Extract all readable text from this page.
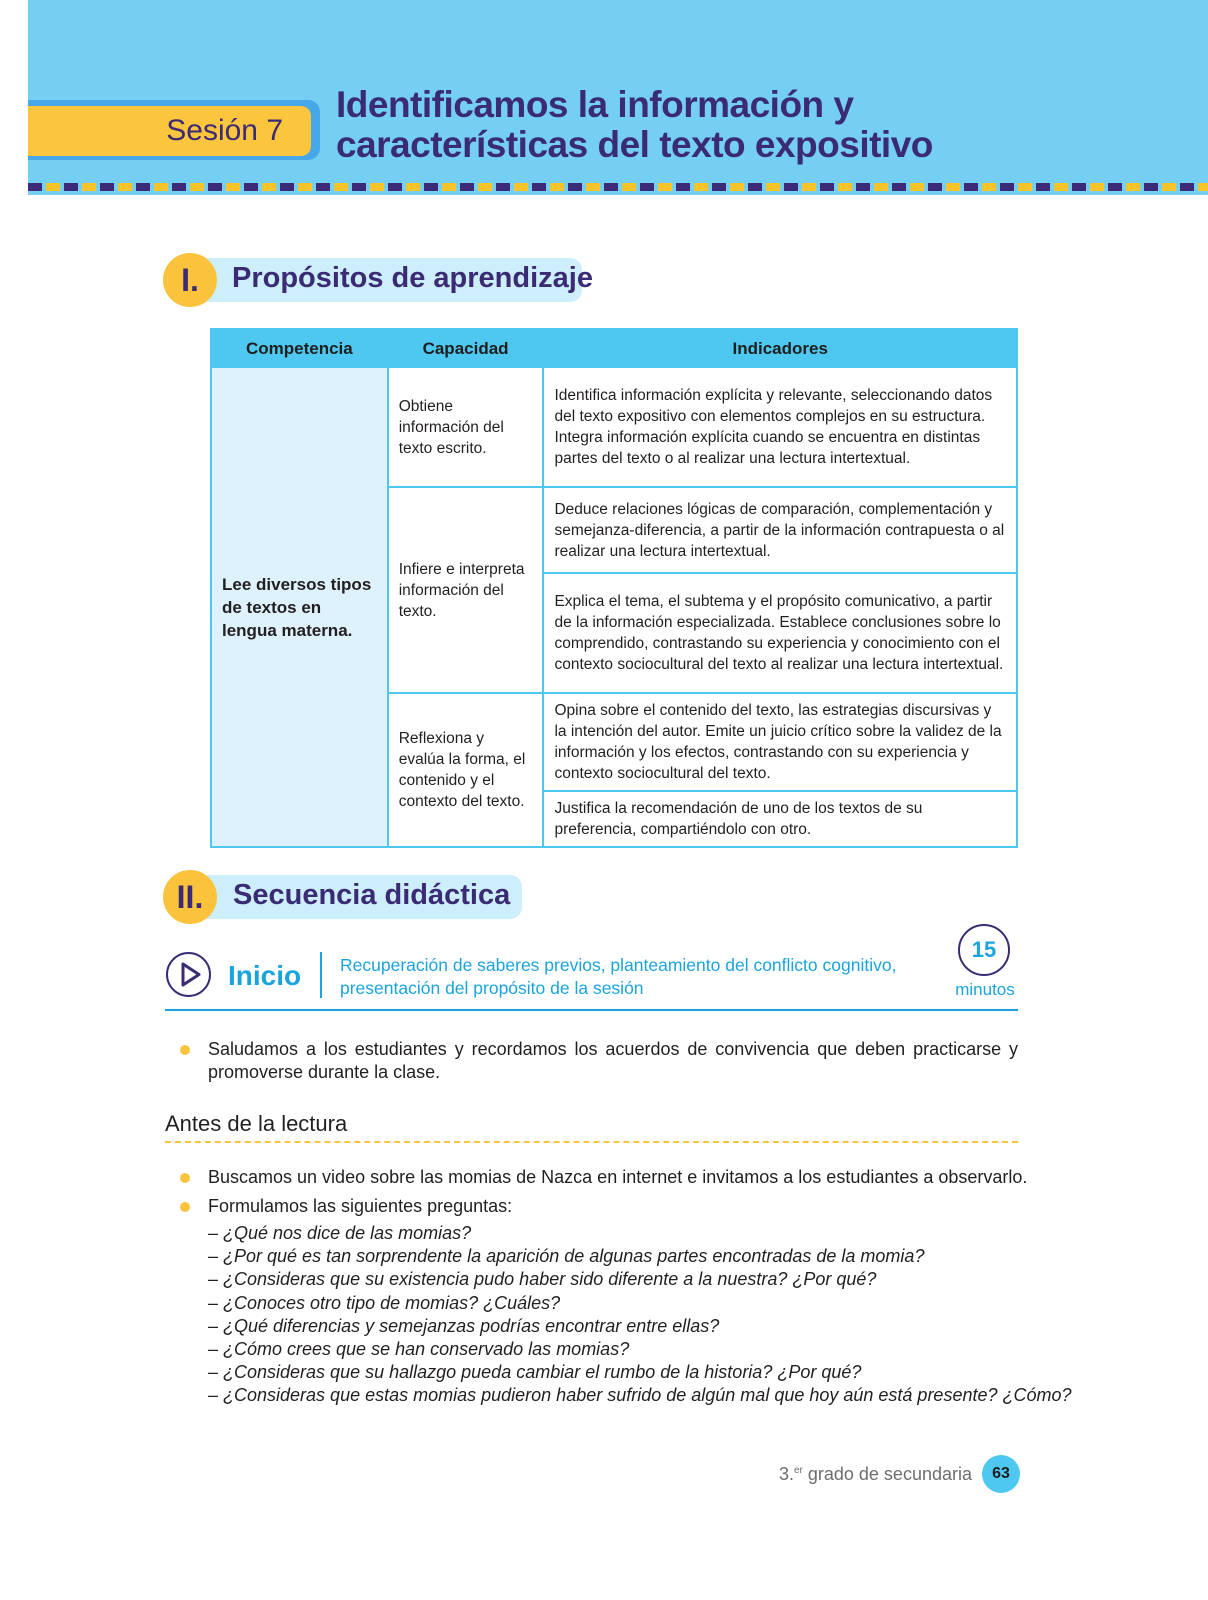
Sesión 7
Identificamos la información y
características del texto expositivo
I.	Propósitos de aprendizaje
Competencia	Capacidad	Indicadores
Lee diversos tipos de textos en lengua materna.	Obtiene información del texto escrito.	Identifica información explícita y relevante, seleccionando datos del texto expositivo con elementos complejos en su estructura. Integra información explícita cuando se encuentra en distintas partes del texto o al realizar una lectura intertextual.
	Infiere e interpreta información del texto.	Deduce relaciones lógicas de comparación, complementación y semejanza-diferencia, a partir de la información contrapuesta o al realizar una lectura intertextual.
		Explica el tema, el subtema y el propósito comunicativo, a partir de la información especializada. Establece conclusiones sobre lo comprendido, contrastando su experiencia y conocimiento con el contexto sociocultural del texto al realizar una lectura intertextual.
	Reflexiona y evalúa la forma, el contenido y el contexto del texto.	Opina sobre el contenido del texto, las estrategias discursivas y la intención del autor. Emite un juicio crítico sobre la validez de la información y los efectos, contrastando con su experiencia y contexto sociocultural del texto.
		Justifica la recomendación de uno de los textos de su preferencia, compartiéndolo con otro.
II.	Secuencia didáctica
Inicio Recuperación de saberes previos, planteamiento del conflicto cognitivo, presentación del propósito de la sesión
15
minutos
Saludamos a los estudiantes y recordamos los acuerdos de convivencia que deben practicarse y promoverse durante la clase.
Antes de la lectura
Buscamos un video sobre las momias de Nazca en internet e invitamos a los estudiantes a observarlo.
Formulamos las siguientes preguntas:
– ¿Qué nos dice de las momias?
– ¿Por qué es tan sorprendente la aparición de algunas partes encontradas de la momia?
– ¿Consideras que su existencia pudo haber sido diferente a la nuestra? ¿Por qué?
– ¿Conoces otro tipo de momias? ¿Cuáles?
– ¿Qué diferencias y semejanzas podrías encontrar entre ellas?
– ¿Cómo crees que se han conservado las momias?
– ¿Consideras que su hallazgo pueda cambiar el rumbo de la historia? ¿Por qué?
– ¿Consideras que estas momias pudieron haber sufrido de algún mal que hoy aún está presente? ¿Cómo?
3.$^{er}$ grado de secundaria	63
